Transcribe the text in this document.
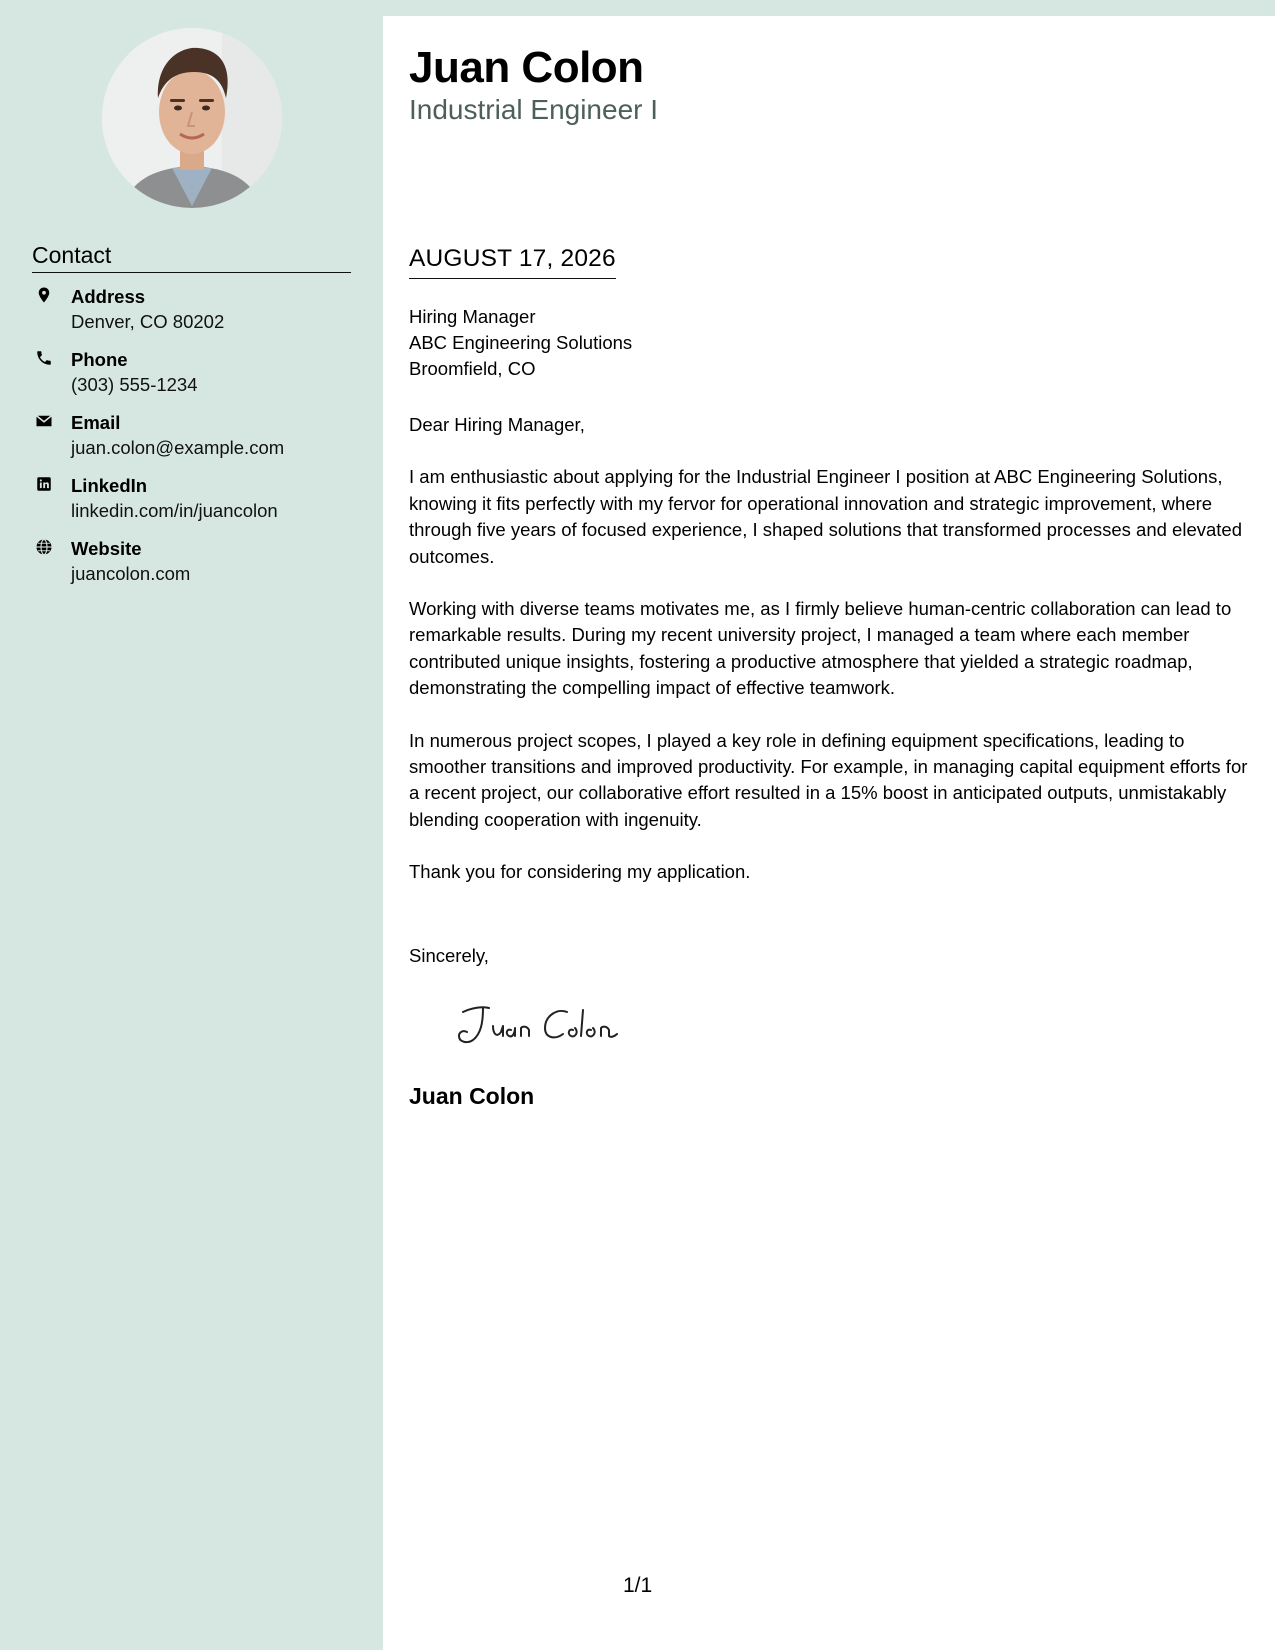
Contact
Address
Denver, CO 80202
Phone
(303) 555-1234
Email
juan.colon@example.com
LinkedIn
linkedin.com/in/juancolon
Website
juancolon.com
Juan Colon
Industrial Engineer I
AUGUST 17, 2026
Hiring Manager
ABC Engineering Solutions
Broomfield, CO

Dear Hiring Manager,

I am enthusiastic about applying for the Industrial Engineer I position at ABC Engineering Solutions, knowing it fits perfectly with my fervor for operational innovation and strategic improvement, where through five years of focused experience, I shaped solutions that transformed processes and elevated outcomes.

Working with diverse teams motivates me, as I firmly believe human-centric collaboration can lead to remarkable results. During my recent university project, I managed a team where each member contributed unique insights, fostering a productive atmosphere that yielded a strategic roadmap, demonstrating the compelling impact of effective teamwork.

In numerous project scopes, I played a key role in defining equipment specifications, leading to smoother transitions and improved productivity. For example, in managing capital equipment efforts for a recent project, our collaborative effort resulted in a 15% boost in anticipated outputs, unmistakably blending cooperation with ingenuity.

Thank you for considering my application.

Sincerely,
Juan Colon
1/1
